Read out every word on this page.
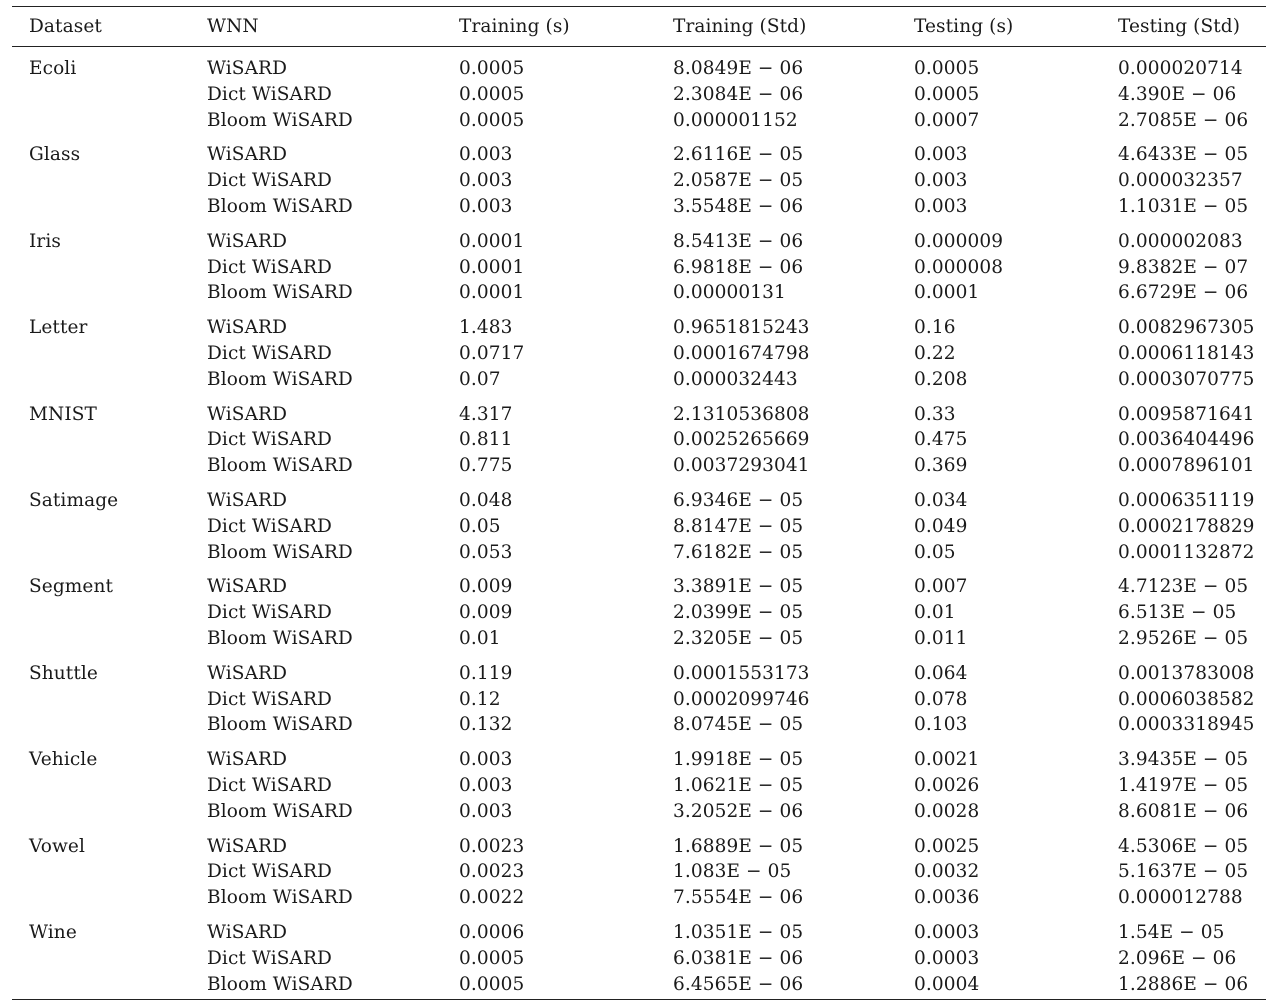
Dataset	WNN	Training (s)	Training (Std)	Testing (s)	Testing (Std)
Ecoli	WiSARD	0.0005	8.0849E − 06	0.0005	0.000020714
	Dict WiSARD	0.0005	2.3084E − 06	0.0005	4.390E − 06
	Bloom WiSARD	0.0005	0.000001152	0.0007	2.7085E − 06
Glass	WiSARD	0.003	2.6116E − 05	0.003	4.6433E − 05
	Dict WiSARD	0.003	2.0587E − 05	0.003	0.000032357
	Bloom WiSARD	0.003	3.5548E − 06	0.003	1.1031E − 05
Iris	WiSARD	0.0001	8.5413E − 06	0.000009	0.000002083
	Dict WiSARD	0.0001	6.9818E − 06	0.000008	9.8382E − 07
	Bloom WiSARD	0.0001	0.00000131	0.0001	6.6729E − 06
Letter	WiSARD	1.483	0.9651815243	0.16	0.0082967305
	Dict WiSARD	0.0717	0.0001674798	0.22	0.0006118143
	Bloom WiSARD	0.07	0.000032443	0.208	0.0003070775
MNIST	WiSARD	4.317	2.1310536808	0.33	0.0095871641
	Dict WiSARD	0.811	0.0025265669	0.475	0.0036404496
	Bloom WiSARD	0.775	0.0037293041	0.369	0.0007896101
Satimage	WiSARD	0.048	6.9346E − 05	0.034	0.0006351119
	Dict WiSARD	0.05	8.8147E − 05	0.049	0.0002178829
	Bloom WiSARD	0.053	7.6182E − 05	0.05	0.0001132872
Segment	WiSARD	0.009	3.3891E − 05	0.007	4.7123E − 05
	Dict WiSARD	0.009	2.0399E − 05	0.01	6.513E − 05
	Bloom WiSARD	0.01	2.3205E − 05	0.011	2.9526E − 05
Shuttle	WiSARD	0.119	0.0001553173	0.064	0.0013783008
	Dict WiSARD	0.12	0.0002099746	0.078	0.0006038582
	Bloom WiSARD	0.132	8.0745E − 05	0.103	0.0003318945
Vehicle	WiSARD	0.003	1.9918E − 05	0.0021	3.9435E − 05
	Dict WiSARD	0.003	1.0621E − 05	0.0026	1.4197E − 05
	Bloom WiSARD	0.003	3.2052E − 06	0.0028	8.6081E − 06
Vowel	WiSARD	0.0023	1.6889E − 05	0.0025	4.5306E − 05
	Dict WiSARD	0.0023	1.083E − 05	0.0032	5.1637E − 05
	Bloom WiSARD	0.0022	7.5554E − 06	0.0036	0.000012788
Wine	WiSARD	0.0006	1.0351E − 05	0.0003	1.54E − 05
	Dict WiSARD	0.0005	6.0381E − 06	0.0003	2.096E − 06
	Bloom WiSARD	0.0005	6.4565E − 06	0.0004	1.2886E − 06
